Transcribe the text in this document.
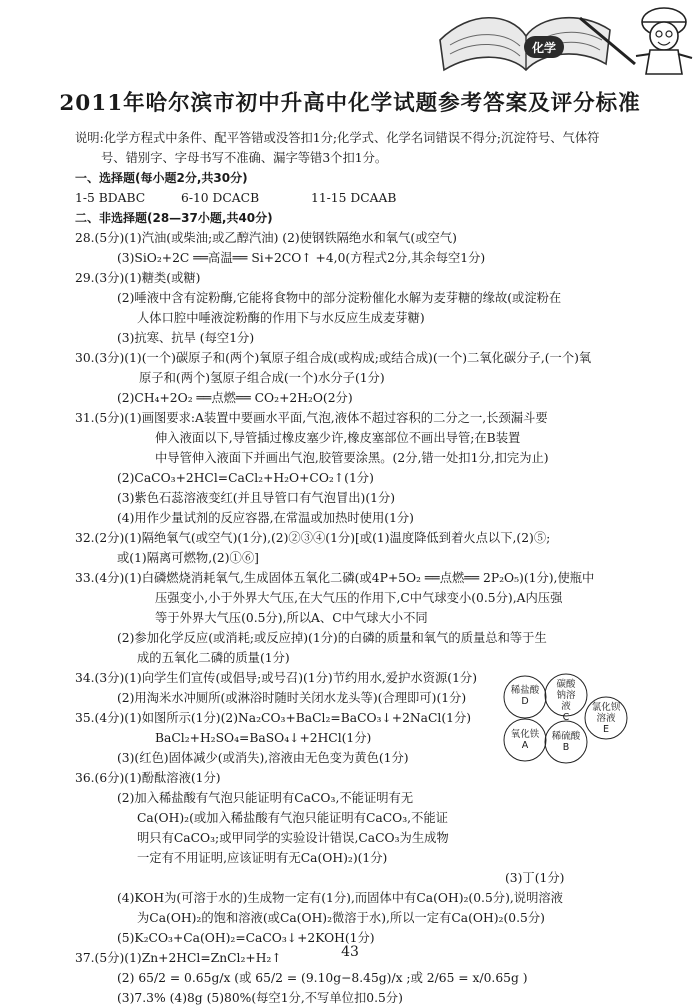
化学
2011年哈尔滨市初中升高中化学试题参考答案及评分标准
说明:化学方程式中条件、配平答错或没答扣1分;化学式、化学名词错误不得分;沉淀符号、气体符
号、错别字、字母书写不准确、漏字等错3个扣1分。
一、选择题(每小题2分,共30分)
1-5 BDABC	6-10 DCACB	11-15 DCAAB
二、非选择题(28—37小题,共40分)
28.(5分)(1)汽油(或柴油;或乙醇汽油) (2)使钢铁隔绝水和氧气(或空气)
(3)SiO₂+2C ══高温══ Si+2CO↑ +4,0(方程式2分,其余每空1分)
29.(3分)(1)糖类(或糖)
(2)唾液中含有淀粉酶,它能将食物中的部分淀粉催化水解为麦芽糖的缘故(或淀粉在
人体口腔中唾液淀粉酶的作用下与水反应生成麦芽糖)
(3)抗寒、抗旱 (每空1分)
30.(3分)(1)(一个)碳原子和(两个)氧原子组合成(或构成;或结合成)(一个)二氧化碳分子,(一个)氧
原子和(两个)氢原子组合成(一个)水分子(1分)
(2)CH₄+2O₂ ══点燃══ CO₂+2H₂O(2分)
31.(5分)(1)画图要求:A装置中要画水平面,气泡,液体不超过容积的二分之一,长颈漏斗要
伸入液面以下,导管插过橡皮塞少许,橡皮塞部位不画出导管;在B装置
中导管伸入液面下并画出气泡,胶管要涂黑。(2分,错一处扣1分,扣完为止)
(2)CaCO₃+2HCl=CaCl₂+H₂O+CO₂↑(1分)
(3)紫色石蕊溶液变红(并且导管口有气泡冒出)(1分)
(4)用作少量试剂的反应容器,在常温或加热时使用(1分)
32.(2分)(1)隔绝氧气(或空气)(1分),(2)②③④(1分)[或(1)温度降低到着火点以下,(2)⑤;
或(1)隔离可燃物,(2)①⑥]
33.(4分)(1)白磷燃烧消耗氧气,生成固体五氧化二磷(或4P+5O₂ ══点燃══ 2P₂O₅)(1分),使瓶中
压强变小,小于外界大气压,在大气压的作用下,C中气球变小(0.5分),A内压强
等于外界大气压(0.5分),所以A、C中气球大小不同
(2)参加化学反应(或消耗;或反应掉)(1分)的白磷的质量和氧气的质量总和等于生
成的五氧化二磷的质量(1分)
34.(3分)(1)向学生们宣传(或倡导;或号召)(1分)节约用水,爱护水资源(1分)
(2)用淘米水冲厕所(或淋浴时随时关闭水龙头等)(合理即可)(1分)
35.(4分)(1)如图所示(1分)(2)Na₂CO₃+BaCl₂=BaCO₃↓+2NaCl(1分)
BaCl₂+H₂SO₄=BaSO₄↓+2HCl(1分)
(3)(红色)固体减少(或消失),溶液由无色变为黄色(1分)
36.(6分)(1)酚酞溶液(1分)
(2)加入稀盐酸有气泡只能证明有CaCO₃,不能证明有无
Ca(OH)₂(或加入稀盐酸有气泡只能证明有CaCO₃,不能证
明只有CaCO₃;或甲同学的实验设计错误,CaCO₃为生成物
一定有不用证明,应该证明有无Ca(OH)₂)(1分)
(3)丁(1分)
(4)KOH为(可溶于水的)生成物一定有(1分),而固体中有Ca(OH)₂(0.5分),说明溶液
为Ca(OH)₂的饱和溶液(或Ca(OH)₂微溶于水),所以一定有Ca(OH)₂(0.5分)
(5)K₂CO₃+Ca(OH)₂=CaCO₃↓+2KOH(1分)
37.(5分)(1)Zn+2HCl=ZnCl₂+H₂↑
(2) 65/2 = 0.65g/x (或 65/2 = (9.10g−8.45g)/x ;或 2/65 = x/0.65g )
(3)7.3% (4)8g (5)80%(每空1分,不写单位扣0.5分)
稀盐酸
D
碳酸钠溶液
C
氯化钡溶液
E
氧化铁
A
稀硫酸
B
43
